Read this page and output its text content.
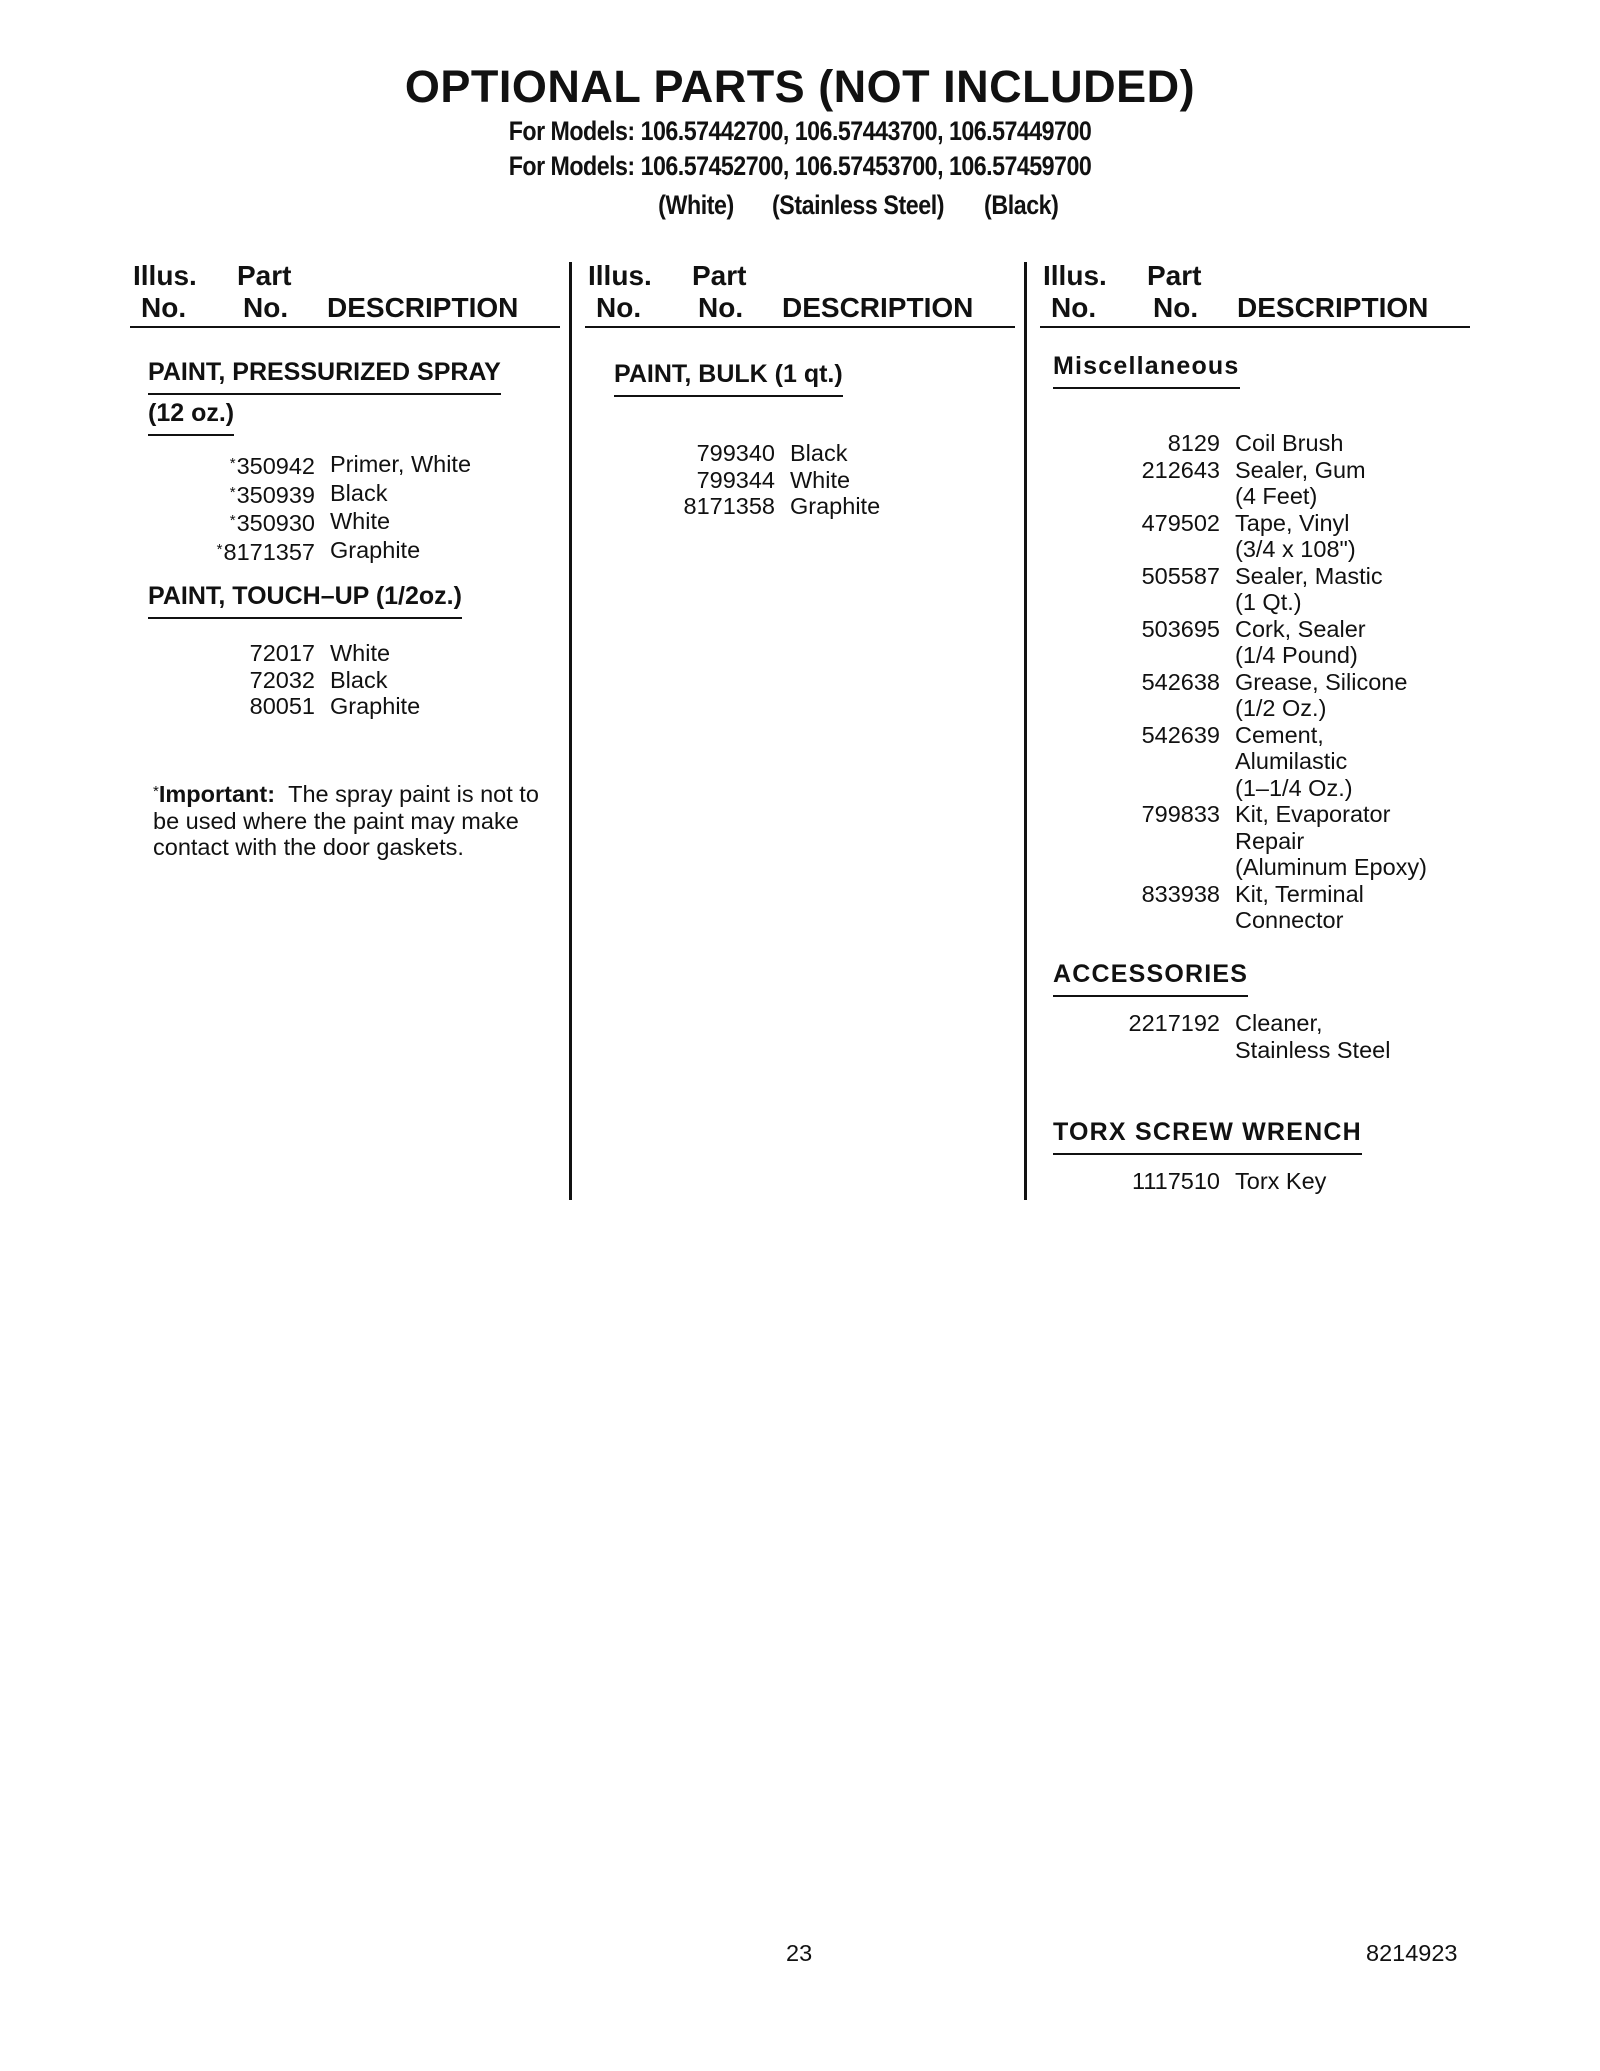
OPTIONAL PARTS (NOT INCLUDED)
For Models: 106.57442700, 106.57443700, 106.57449700
For Models: 106.57452700, 106.57453700, 106.57459700
(White) (Stainless Steel) (Black)
Illus. Part
No. No. DESCRIPTION
Illus. Part
No. No. DESCRIPTION
Illus. Part
No. No. DESCRIPTION
PAINT, PRESSURIZED SPRAY
(12 oz.)
*350942 Primer, White
*350939 Black
*350930 White
*8171357 Graphite
PAINT, TOUCH–UP (1/2oz.)
72017 White
72032 Black
80051 Graphite
*Important: The spray paint is not to be used where the paint may make contact with the door gaskets.
PAINT, BULK (1 qt.)
799340 Black
799344 White
8171358 Graphite
Miscellaneous
8129 Coil Brush
212643 Sealer, Gum
(4 Feet)
479502 Tape, Vinyl
(3/4 x 108")
505587 Sealer, Mastic
(1 Qt.)
503695 Cork, Sealer
(1/4 Pound)
542638 Grease, Silicone
(1/2 Oz.)
542639 Cement,
Alumilastic
(1–1/4 Oz.)
799833 Kit, Evaporator
Repair
(Aluminum Epoxy)
833938 Kit, Terminal
Connector
ACCESSORIES
2217192 Cleaner,
Stainless Steel
TORX SCREW WRENCH
1117510 Torx Key
23	8214923
